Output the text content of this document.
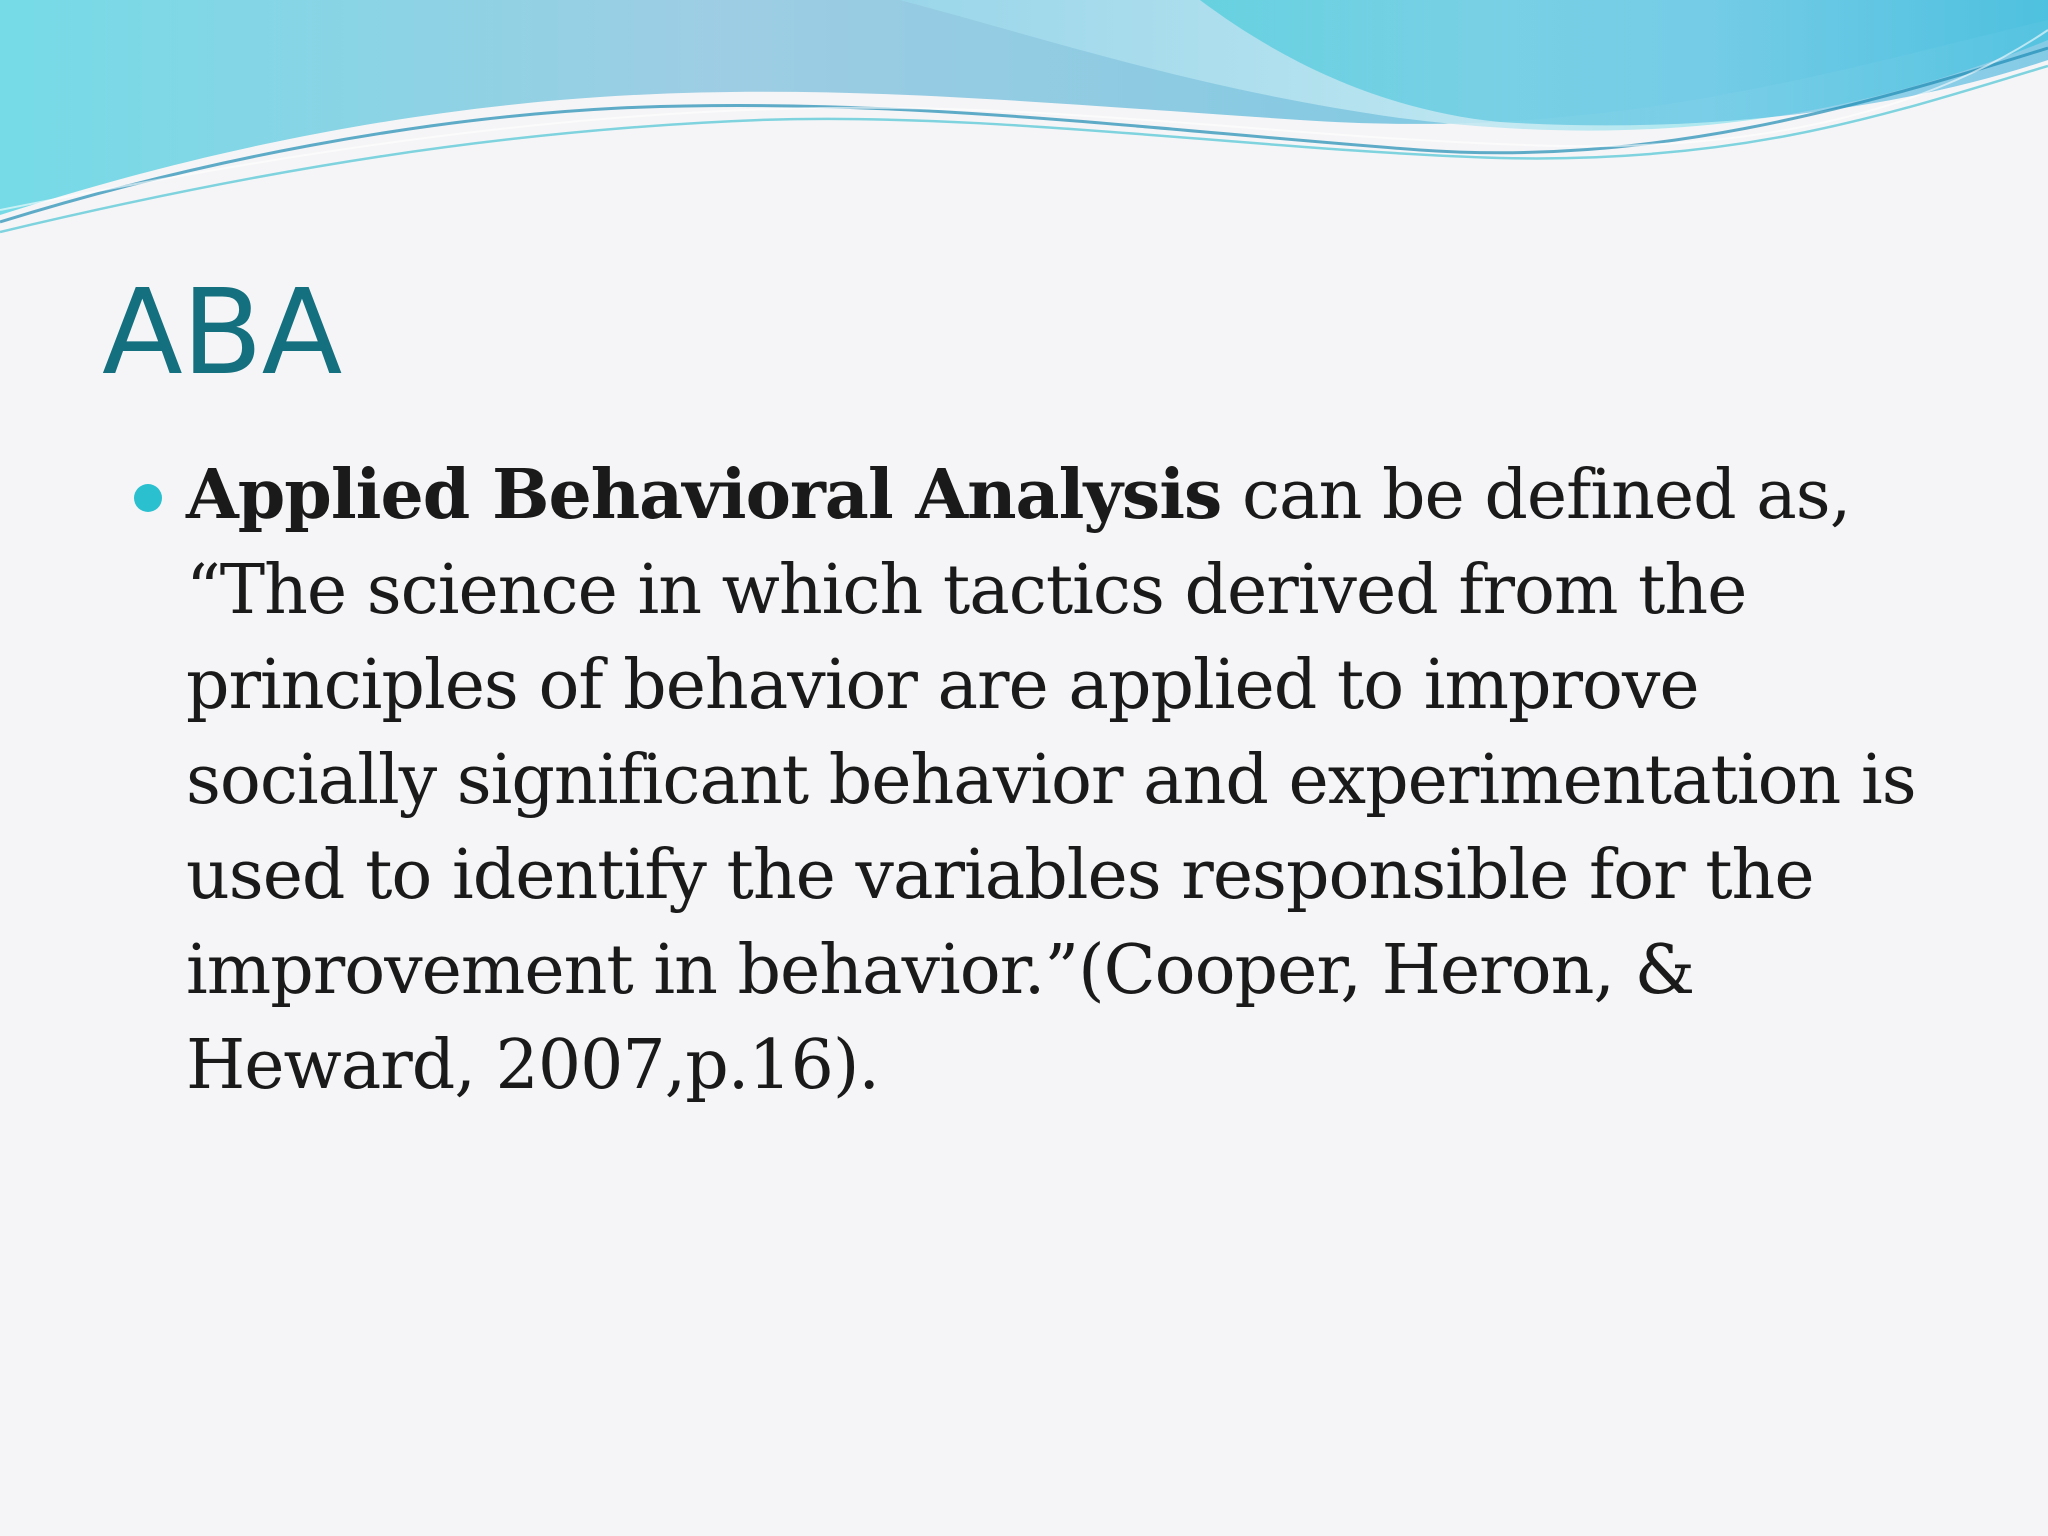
ABA
Applied Behavioral Analysis can be defined as, “The science in which tactics derived from the principles of behavior are applied to improve socially significant behavior and experimentation is used to identify the variables responsible for the improvement in behavior.”(Cooper, Heron, & Heward, 2007,p.16).
